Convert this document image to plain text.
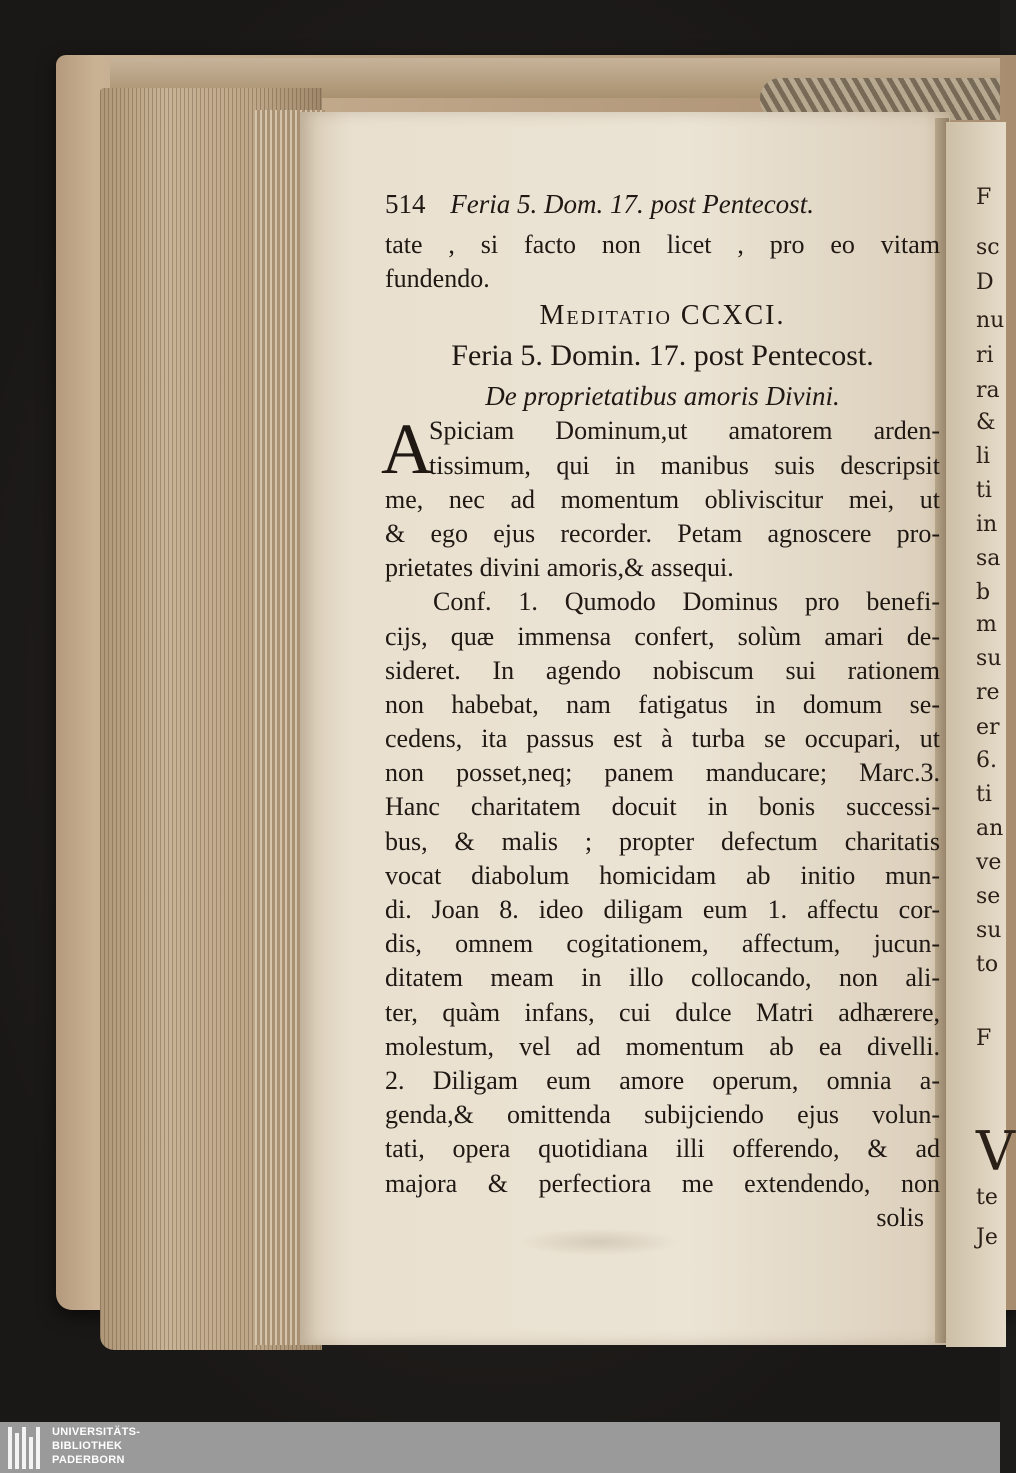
F
sc
D
nu
ri
ra
&
li
ti
in
sa
b
m
su
re
er
6.
ti
an
ve
se
su
to
F
V
te
Je
514 Feria 5. Dom. 17. post Pentecost.
tate , si facto non licet , pro eo vitam
fundendo.
Meditatio CCXCI.
Feria 5. Domin. 17. post Pentecost.
De proprietatibus amoris Divini.
A
Spiciam Dominum,ut amatorem arden-
tissimum, qui in manibus suis descripsit
me, nec ad momentum obliviscitur mei, ut
& ego ejus recorder. Petam agnoscere pro-
prietates divini amoris,& assequi.
Conf. 1. Qumodo Dominus pro benefi-
cijs, quæ immensa confert, solùm amari de-
sideret. In agendo nobiscum sui rationem
non habebat, nam fatigatus in domum se-
cedens, ita passus est à turba se occupari, ut
non posset,neq; panem manducare; Marc.3.
Hanc charitatem docuit in bonis successi-
bus, & malis ; propter defectum charitatis
vocat diabolum homicidam ab initio mun-
di. Joan 8. ideo diligam eum 1. affectu cor-
dis, omnem cogitationem, affectum, jucun-
ditatem meam in illo collocando, non ali-
ter, quàm infans, cui dulce Matri adhærere,
molestum, vel ad momentum ab ea divelli.
2. Diligam eum amore operum, omnia a-
genda,& omittenda subijciendo ejus volun-
tati, opera quotidiana illi offerendo, & ad
majora & perfectiora me extendendo, non
solis
UNIVERSITÄTS-
BIBLIOTHEK
PADERBORN
